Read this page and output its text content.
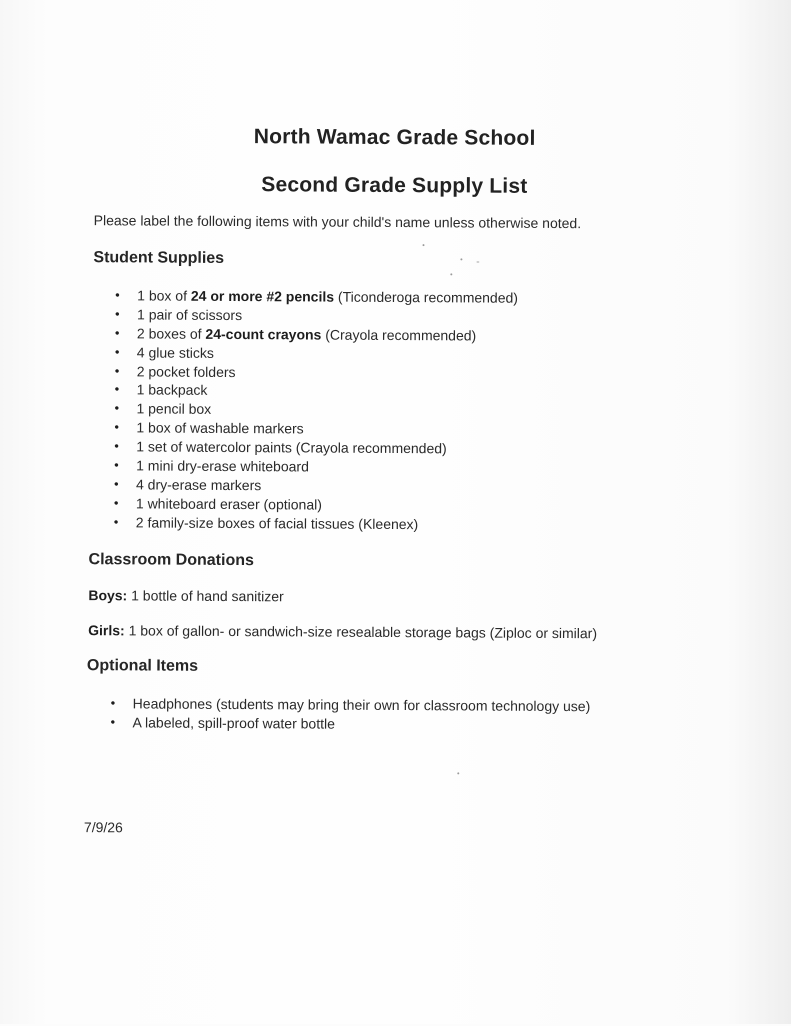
North Wamac Grade School
Second Grade Supply List
Please label the following items with your child's name unless otherwise noted.
Student Supplies
• 1 box of 24 or more #2 pencils (Ticonderoga recommended)
• 1 pair of scissors
• 2 boxes of 24-count crayons (Crayola recommended)
• 4 glue sticks
• 2 pocket folders
• 1 backpack
• 1 pencil box
• 1 box of washable markers
• 1 set of watercolor paints (Crayola recommended)
• 1 mini dry-erase whiteboard
• 4 dry-erase markers
• 1 whiteboard eraser (optional)
• 2 family-size boxes of facial tissues (Kleenex)
Classroom Donations
Boys: 1 bottle of hand sanitizer
Girls: 1 box of gallon- or sandwich-size resealable storage bags (Ziploc or similar)
Optional Items
• Headphones (students may bring their own for classroom technology use)
• A labeled, spill-proof water bottle
7/9/26
